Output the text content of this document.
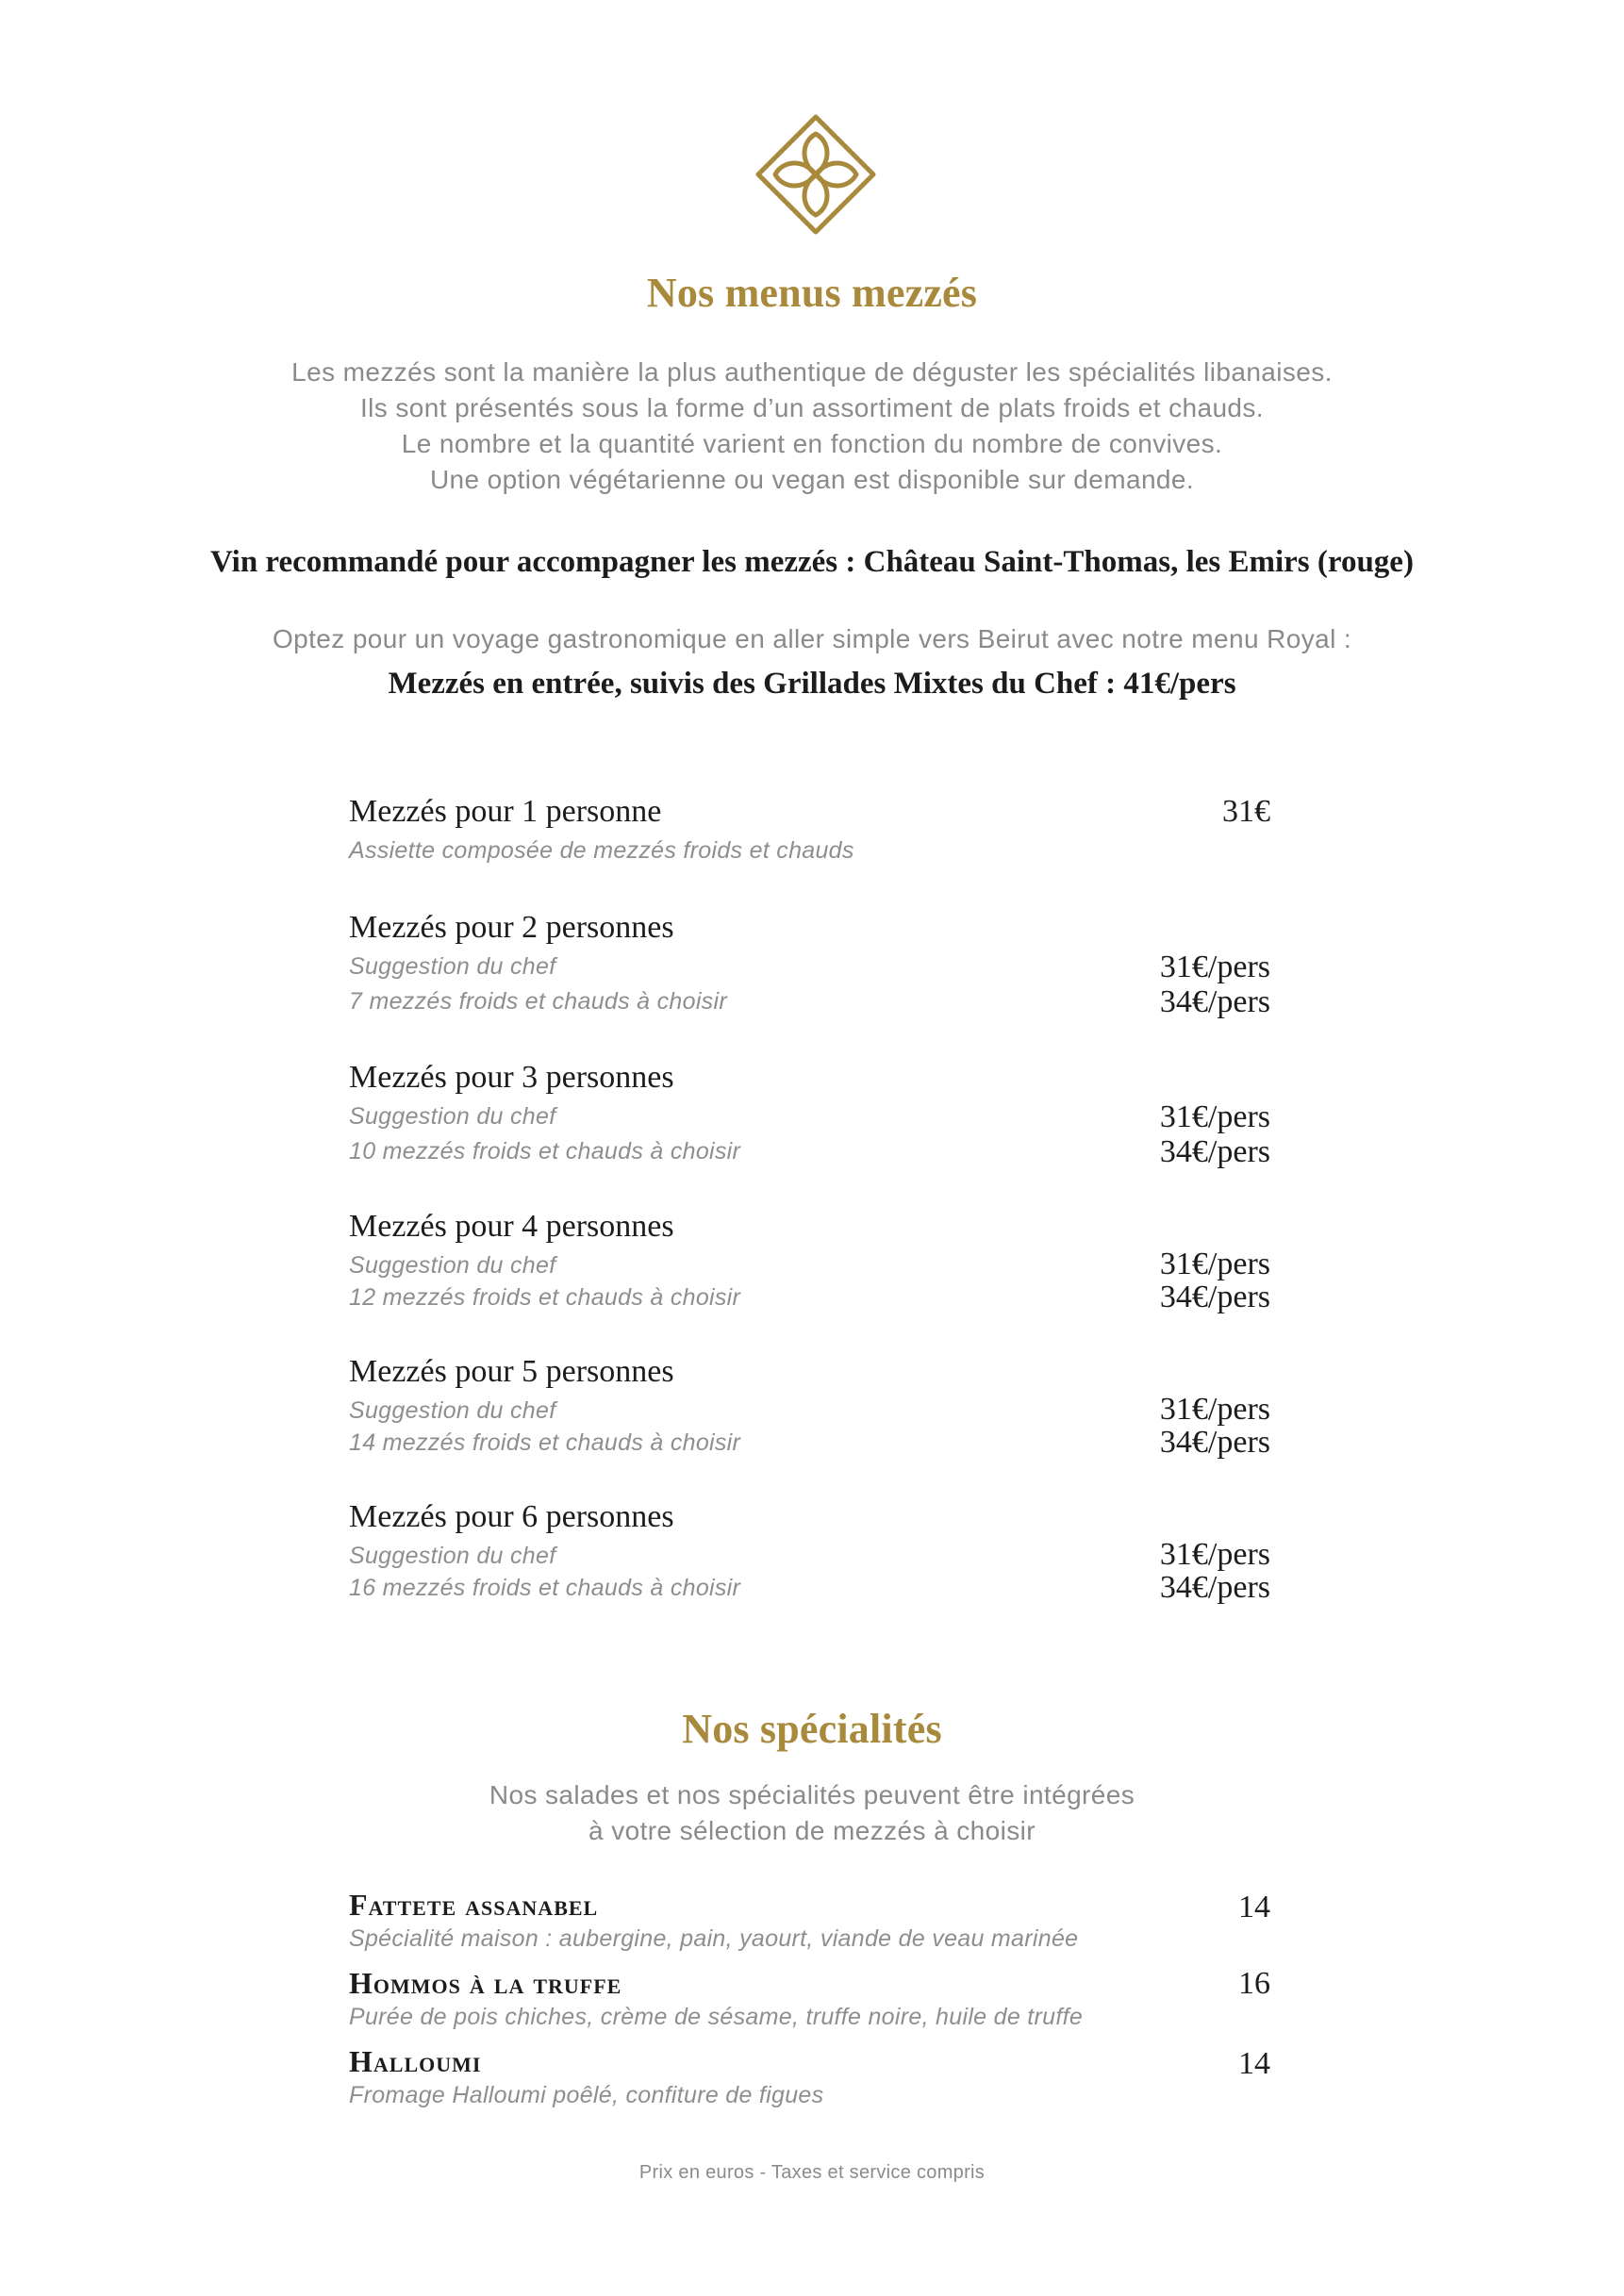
Nos menus mezzés
Les mezzés sont la manière la plus authentique de déguster les spécialités libanaises.
Ils sont présentés sous la forme d’un assortiment de plats froids et chauds.
Le nombre et la quantité varient en fonction du nombre de convives.
Une option végétarienne ou vegan est disponible sur demande.
Vin recommandé pour accompagner les mezzés : Château Saint-Thomas, les Emirs (rouge)
Optez pour un voyage gastronomique en aller simple vers Beirut avec notre menu Royal :
Mezzés en entrée, suivis des Grillades Mixtes du Chef : 41€/pers
Mezzés pour 1 personne	31€
Assiette composée de mezzés froids et chauds
Mezzés pour 2 personnes
Suggestion du chef	31€/pers
7 mezzés froids et chauds à choisir	34€/pers
Mezzés pour 3 personnes
Suggestion du chef	31€/pers
10 mezzés froids et chauds à choisir	34€/pers
Mezzés pour 4 personnes
Suggestion du chef	31€/pers
12 mezzés froids et chauds à choisir	34€/pers
Mezzés pour 5 personnes
Suggestion du chef	31€/pers
14 mezzés froids et chauds à choisir	34€/pers
Mezzés pour 6 personnes
Suggestion du chef	31€/pers
16 mezzés froids et chauds à choisir	34€/pers
Nos spécialités
Nos salades et nos spécialités peuvent être intégrées
à votre sélection de mezzés à choisir
Fattete assanabel	14
Spécialité maison : aubergine, pain, yaourt, viande de veau marinée
Hommos à la truffe	16
Purée de pois chiches, crème de sésame, truffe noire, huile de truffe
Halloumi	14
Fromage Halloumi poêlé, confiture de figues
Prix en euros - Taxes et service compris
